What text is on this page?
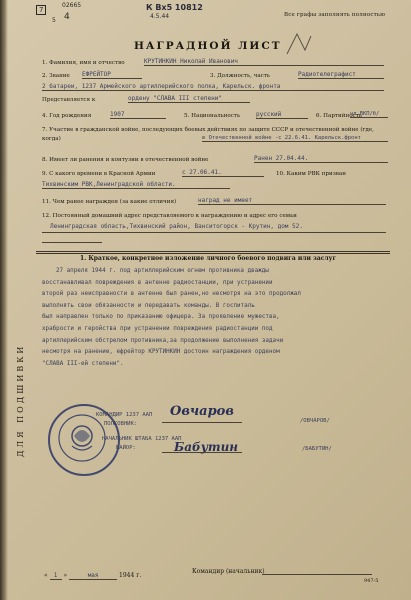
7
5
02665
4
К Вх5 10812
4.5.44	Все графы заполнять полностью
НАГРАДНОЙ ЛИСТ
1. Фамилия, имя и отчество	КРУТИНКИН Николай Иванович
2. Звание ЕФРЕЙТОР	3. Должность, часть	Радиотелеграфист
2 батареи, 1237 Армейского артиллерийского полка, Карельск. фронта
Представляется к	ордену "СЛАВА III степени"
4. Год рождения	1907	5. Национальность	русский	6. Партийность
чл.ВКП/б/
7. Участие в гражданской войне, последующих боевых действиях по защите СССР и отечественной войне (где, когда)	в Отечественной войне -с 22.6.41. Карельск.фронт
8. Имеет ли ранения и контузии в отечественной войне	Ранен 27.04.44.
9. С какого времени в Красной Армии	с 27.06.41.	10. Каким РВК призван
Тихвинским РВК,Ленинградской области.
11. Чем ранее награжден (за какие отличия)	наград не имеет
12. Постоянный домашний адрес представляемого к награждению и адрес его семьи
Ленинградская область,Тихвинский район, Ванситогорск - Крутин, дом 52.
1. Краткое, конкретное изложение личного боевого подвига или заслуг
27 апреля 1944 г. под артиллерийским огнем противника дважды
восстанавливал повреждения в антенне радиостанции, при устранении
второй раз неисправности в антенне был ранен,но несмотря на это продолжал
выполнять свои обязанности и передавать команды. В госпиталь
был направлен только по приказанию офицера. За проявление мужества,
храбрости и геройства при устранении повреждения радиостанции под
артиллерийским обстрелом противника,за продолжение выполнения задачи
несмотря на ранение, ефрейтор КРУТИНКИН достоин награждения орденом
"СЛАВА III-ей степени".
ДЛЯ ПОДШИВКИ	КОМАНДИР 1237 ААП
ПОЛКОВНИК:
Овчаров
/ОВЧАРОВ/
НАЧАЛЬНИК ШТАБА 1237 ААП
МАЙОР:	Бабутин	/БАБУТИН/
« 1 »	мая	1944 г.
Командир (начальник)
947-5
